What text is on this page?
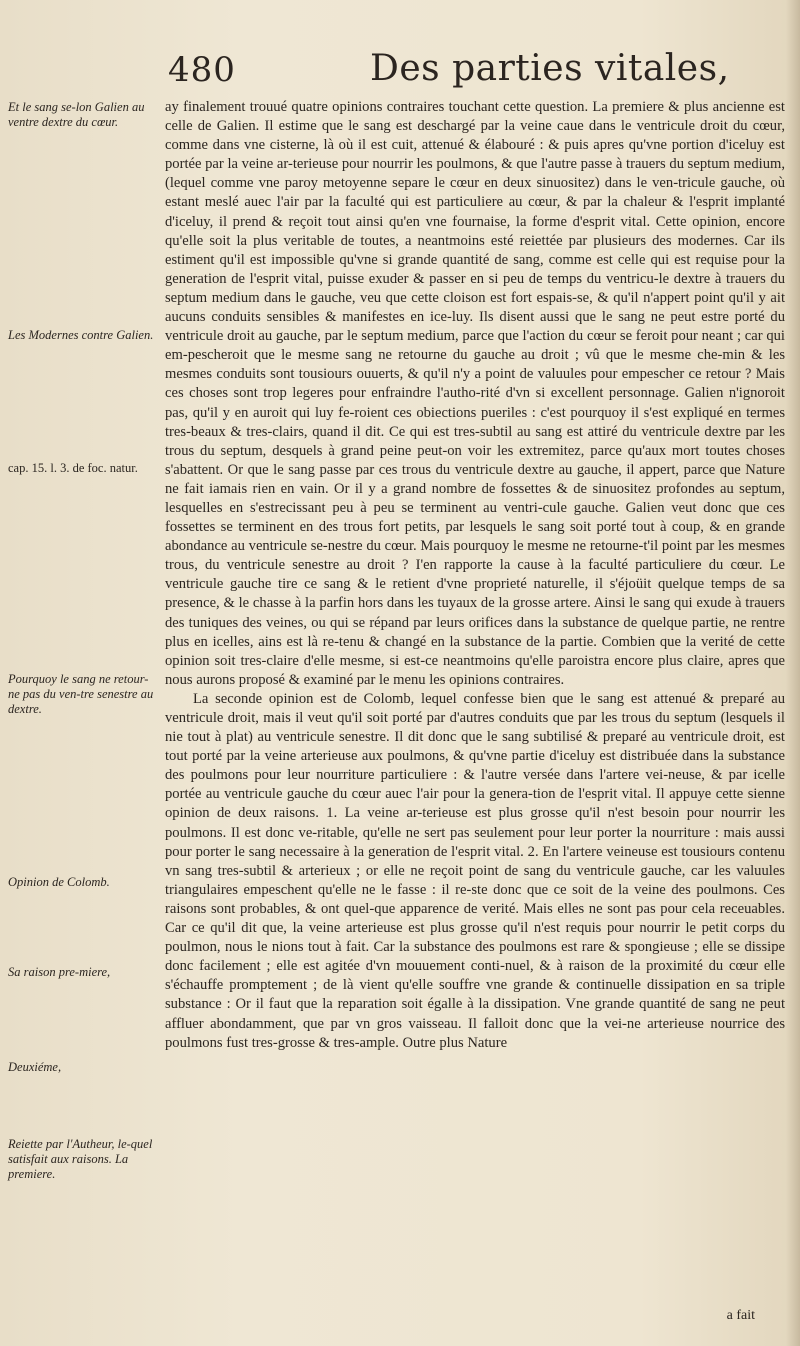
480	Des parties vitales,
Et le sang se-lon Galien au ventre dextre du cœur.
Les Modernes contre Galien.
cap. 15. l. 3. de foc. natur.
Pourquoy le sang ne retour-ne pas du ven-tre senestre au dextre.
Opinion de Colomb.
Sa raison pre-miere,
Deuxiéme,
Reiette par l'Autheur, le-quel satisfait aux raisons. La premiere.

ay finalement trouué quatre opinions contraires touchant cette question. La premiere & plus ancienne est celle de Galien. Il estime que le sang est deschargé par la veine caue dans le ventricule droit du cœur, comme dans vne cisterne, là où il est cuit, attenué & élabouré : & puis apres qu'vne portion d'iceluy est portée par la veine ar-terieuse pour nourrir les poulmons, & que l'autre passe à trauers du septum medium, (lequel comme vne paroy metoyenne separe le cœur en deux sinuositez) dans le ven-tricule gauche, où estant meslé auec l'air par la faculté qui est particuliere au cœur, & par la chaleur & l'esprit implanté d'iceluy, il prend & reçoit tout ainsi qu'en vne fournaise, la forme d'esprit vital. Cette opinion, encore qu'elle soit la plus veritable de toutes, a neantmoins esté reiettée par plusieurs des modernes. Car ils estiment qu'il est impossible qu'vne si grande quantité de sang, comme est celle qui est requise pour la generation de l'esprit vital, puisse exuder & passer en si peu de temps du ventricu-le dextre à trauers du septum medium dans le gauche, veu que cette cloison est fort espais-se, & qu'il n'appert point qu'il y ait aucuns conduits sensibles & manifestes en ice-luy. Ils disent aussi que le sang ne peut estre porté du ventricule droit au gauche, par le septum medium, parce que l'action du cœur se feroit pour neant ; car qui em-pescheroit que le mesme sang ne retourne du gauche au droit ; vû que le mesme che-min & les mesmes conduits sont tousiours ouuerts, & qu'il n'y a point de valuules pour empescher ce retour ? Mais ces choses sont trop legeres pour enfraindre l'autho-rité d'vn si excellent personnage. Galien n'ignoroit pas, qu'il y en auroit qui luy fe-roient ces obiections pueriles : c'est pourquoy il s'est expliqué en termes tres-beaux & tres-clairs, quand il dit. Ce qui est tres-subtil au sang est attiré du ventricule dextre par les trous du septum, desquels à grand peine peut-on voir les extremitez, parce qu'aux mort toutes choses s'abattent. Or que le sang passe par ces trous du ventricule dextre au gauche, il appert, parce que Nature ne fait iamais rien en vain. Or il y a grand nombre de fossettes & de sinuositez profondes au septum, lesquelles en s'estrecissant peu à peu se terminent au ventri-cule gauche. Galien veut donc que ces fossettes se terminent en des trous fort petits, par lesquels le sang soit porté tout à coup, & en grande abondance au ventricule se-nestre du cœur. Mais pourquoy le mesme ne retourne-t'il point par les mesmes trous, du ventricule senestre au droit ? I'en rapporte la cause à la faculté particuliere du cœur. Le ventricule gauche tire ce sang & le retient d'vne proprieté naturelle, il s'éjoüit quelque temps de sa presence, & le chasse à la parfin hors dans les tuyaux de la grosse artere. Ainsi le sang qui exude à trauers des tuniques des veines, ou qui se répand par leurs orifices dans la substance de quelque partie, ne rentre plus en icelles, ains est là re-tenu & changé en la substance de la partie. Combien que la verité de cette opinion soit tres-claire d'elle mesme, si est-ce neantmoins qu'elle paroistra encore plus claire, apres que nous aurons proposé & examiné par le menu les opinions contraires.

La seconde opinion est de Colomb, lequel confesse bien que le sang est attenué & preparé au ventricule droit, mais il veut qu'il soit porté par d'autres conduits que par les trous du septum (lesquels il nie tout à plat) au ventricule senestre. Il dit donc que le sang subtilisé & preparé au ventricule droit, est tout porté par la veine arterieuse aux poulmons, & qu'vne partie d'iceluy est distribuée dans la substance des poulmons pour leur nourriture particuliere : & l'autre versée dans l'artere vei-neuse, & par icelle portée au ventricule gauche du cœur auec l'air pour la genera-tion de l'esprit vital. Il appuye cette sienne opinion de deux raisons. 1. La veine ar-terieuse est plus grosse qu'il n'est besoin pour nourrir les poulmons. Il est donc ve-ritable, qu'elle ne sert pas seulement pour leur porter la nourriture : mais aussi pour porter le sang necessaire à la generation de l'esprit vital. 2. En l'artere veineuse est tousiours contenu vn sang tres-subtil & arterieux ; or elle ne reçoit point de sang du ventricule gauche, car les valuules triangulaires empeschent qu'elle ne le fasse : il re-ste donc que ce soit de la veine des poulmons. Ces raisons sont probables, & ont quel-que apparence de verité. Mais elles ne sont pas pour cela receuables. Car ce qu'il dit que, la veine arterieuse est plus grosse qu'il n'est requis pour nourrir le petit corps du poulmon, nous le nions tout à fait. Car la substance des poulmons est rare & spongieuse ; elle se dissipe donc facilement ; elle est agitée d'vn mouuement conti-nuel, & à raison de la proximité du cœur elle s'échauffe promptement ; de là vient qu'elle souffre vne grande & continuelle dissipation en sa triple substance : Or il faut que la reparation soit égalle à la dissipation. Vne grande quantité de sang ne peut affluer abondamment, que par vn gros vaisseau. Il falloit donc que la vei-ne arterieuse nourrice des poulmons fust tres-grosse & tres-ample. Outre plus Nature

a fait
